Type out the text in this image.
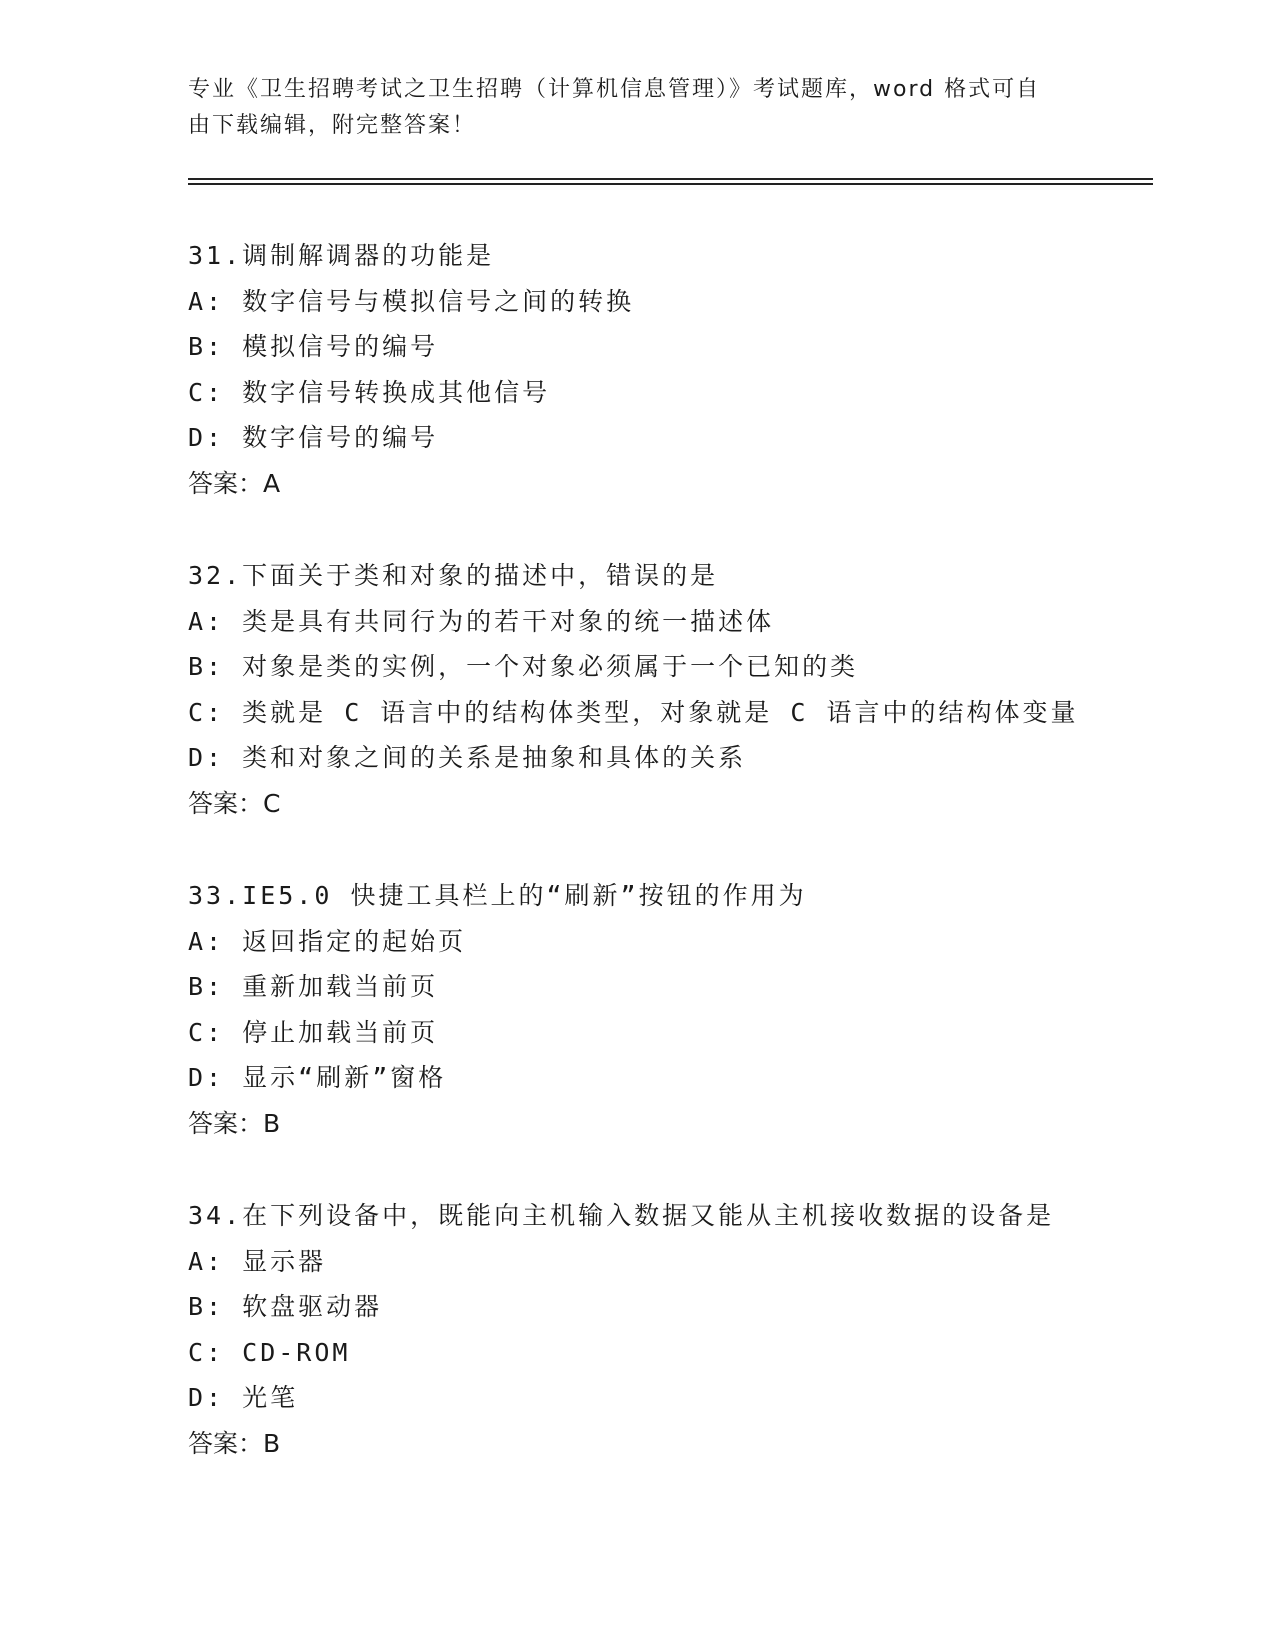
专业《卫生招聘考试之卫生招聘（计算机信息管理）》考试题库，word 格式可自
由下载编辑，附完整答案！
31.调制解调器的功能是
A: 数字信号与模拟信号之间的转换
B: 模拟信号的编号
C: 数字信号转换成其他信号
D: 数字信号的编号
答案：A
32.下面关于类和对象的描述中，错误的是
A: 类是具有共同行为的若干对象的统一描述体
B: 对象是类的实例，一个对象必须属于一个已知的类
C: 类就是 C 语言中的结构体类型，对象就是 C 语言中的结构体变量
D: 类和对象之间的关系是抽象和具体的关系
答案：C
33.IE5.0 快捷工具栏上的“刷新”按钮的作用为
A: 返回指定的起始页
B: 重新加载当前页
C: 停止加载当前页
D: 显示“刷新”窗格
答案：B
34.在下列设备中，既能向主机输入数据又能从主机接收数据的设备是
A: 显示器
B: 软盘驱动器
C: CD-ROM
D: 光笔
答案：B
